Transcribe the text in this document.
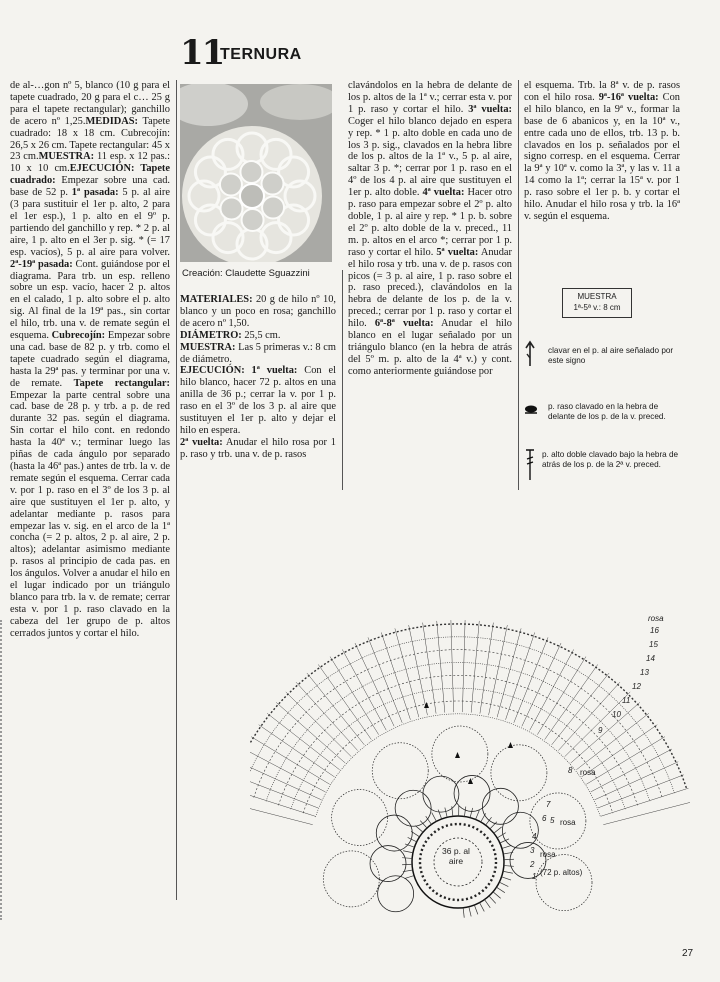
11
TERNURA
de al-…gon nº 5, blanco (10 g para el tapete cuadrado, 20 g para el c… 25 g para el tapete rectangular); ganchillo de acero nº 1,25.MEDIDAS: Tapete cuadrado: 18 x 18 cm. Cubrecojín: 26,5 x 26 cm. Tapete rectangular: 45 x 23 cm.MUESTRA: 11 esp. x 12 pas.: 10 x 10 cm.EJECUCIÓN: Tapete cuadrado: Empezar sobre una cad. base de 52 p. 1ª pasada: 5 p. al aire (3 para sustituir el 1er p. alto, 2 para el 1er esp.), 1 p. alto en el 9º p. partiendo del ganchillo y rep. * 2 p. al aire, 1 p. alto en el 3er p. sig. * (= 17 esp. vacíos), 5 p. al aire para volver. 2ª-19ª pasada: Cont. guiándose por el diagrama. Para trb. un esp. relleno sobre un esp. vacío, hacer 2 p. altos en el calado, 1 p. alto sobre el p. alto sig. Al final de la 19ª pas., sin cortar el hilo, trb. una v. de remate según el esquema. Cubrecojín: Empezar sobre una cad. base de 82 p. y trb. como el tapete cuadrado según el diagrama, hasta la 29ª pas. y terminar por una v. de remate. Tapete rectangular: Empezar la parte central sobre una cad. base de 28 p. y trb. a p. de red durante 32 pas. según el diagrama. Sin cortar el hilo cont. en redondo hasta la 40ª v.; terminar luego las piñas de cada ángulo por separado (hasta la 46ª pas.) antes de trb. la v. de remate según el esquema. Cerrar cada v. por 1 p. raso en el 3º de los 3 p. al aire que sustituyen el 1er p. alto, y adelantar mediante p. rasos para empezar las v. sig. en el arco de la 1ª concha (= 2 p. altos, 2 p. al aire, 2 p. altos); adelantar asimismo mediante p. rasos al principio de cada pas. en los ángulos. Volver a anudar el hilo en el lugar indicado por un triángulo blanco para trb. la v. de remate; cerrar esta v. por 1 p. raso clavado en la cabeza del 1er grupo de p. altos cerrados juntos y cortar el hilo.
Creación: Claudette Sguazzini
MATERIALES: 20 g de hilo nº 10, blanco y un poco en rosa; ganchillo de acero nº 1,50.
DIÁMETRO: 25,5 cm.
MUESTRA: Las 5 primeras v.: 8 cm de diámetro.
EJECUCIÓN: 1ª vuelta: Con el hilo blanco, hacer 72 p. altos en una anilla de 36 p.; cerrar la v. por 1 p. raso en el 3º de los 3 p. al aire que sustituyen el 1er p. alto y dejar el hilo en espera.
2ª vuelta: Anudar el hilo rosa por 1 p. raso y trb. una v. de p. rasos

clavándolos en la hebra de delante de los p. altos de la 1ª v.; cerrar esta v. por 1 p. raso y cortar el hilo. 3ª vuelta: Coger el hilo blanco dejado en espera y rep. * 1 p. alto doble en cada uno de los 3 p. sig., clavados en la hebra libre de los p. altos de la 1ª v., 5 p. al aire, saltar 3 p. *; cerrar por 1 p. raso en el 4º de los 4 p. al aire que sustituyen el 1er p. alto doble. 4ª vuelta: Hacer otro p. raso para empezar sobre el 2º p. alto doble, 1 p. al aire y rep. * 1 p. b. sobre el 2º p. alto doble de la v. preced., 11 m. p. altos en el arco *; cerrar por 1 p. raso y cortar el hilo. 5ª vuelta: Anudar el hilo rosa y trb. una v. de p. rasos con picos (= 3 p. al aire, 1 p. raso sobre el p. raso preced.), clavándolos en la hebra de delante de los p. de la v. preced.; cerrar por 1 p. raso y cortar el hilo. 6ª-8ª vuelta: Anudar el hilo blanco en el lugar señalado por un triángulo blanco (en la hebra de atrás del 5º m. p. alto de la 4ª v.) y cont. como anteriormente guiándose por
el esquema. Trb. la 8ª v. de p. rasos con el hilo rosa. 9ª-16ª vuelta: Con el hilo blanco, en la 9ª v., formar la base de 6 abanicos y, en la 10ª v., entre cada uno de ellos, trb. 13 p. b. clavados en los p. señalados por el signo corresp. en el esquema. Cerrar la 9ª y 10ª v. como la 3ª, y las v. 11 a 14 como la 1ª; cerrar la 15ª v. por 1 p. raso sobre el 1er p. b. y cortar el hilo. Anudar el hilo rosa y trb. la 16ª v. según el esquema.
MUESTRA
1ª-5ª v.: 8 cm
clavar en el p. al aire señalado por este signo
p. raso clavado en la hebra de delante de los p. de la v. preced.
p. alto doble clavado bajo la hebra de atrás de los p. de la 2ª v. preced.
36 p. al aire
rosa
16
15
14
13
12
11
10
9
8 rosa
7
6 5 rosa
4
3
2
rosa
1 (72 p. altos)
27
